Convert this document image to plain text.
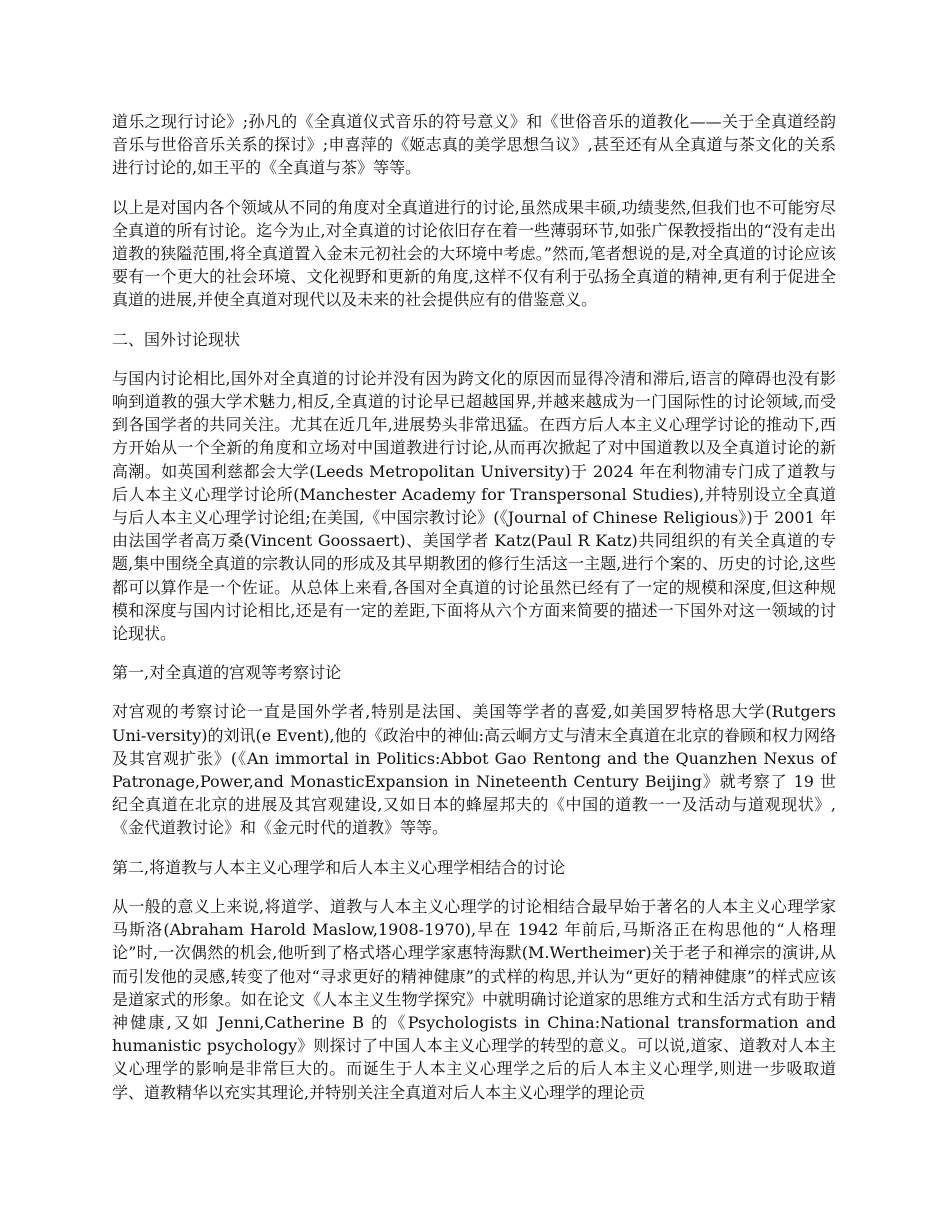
道乐之现行讨论》;孙凡的《全真道仪式音乐的符号意义》和《世俗音乐的道教化——关于全真道经韵音乐与世俗音乐关系的探讨》;申喜萍的《姬志真的美学思想刍议》,甚至还有从全真道与茶文化的关系进行讨论的,如王平的《全真道与茶》等等。

以上是对国内各个领域从不同的角度对全真道进行的讨论,虽然成果丰硕,功绩斐然,但我们也不可能穷尽全真道的所有讨论。迄今为止,对全真道的讨论依旧存在着一些薄弱环节,如张广保教授指出的“没有走出道教的狭隘范围,将全真道置入金末元初社会的大环境中考虑。”然而,笔者想说的是,对全真道的讨论应该要有一个更大的社会环境、文化视野和更新的角度,这样不仅有利于弘扬全真道的精神,更有利于促进全真道的进展,并使全真道对现代以及未来的社会提供应有的借鉴意义。

二、国外讨论现状

与国内讨论相比,国外对全真道的讨论并没有因为跨文化的原因而显得冷清和滞后,语言的障碍也没有影响到道教的强大学术魅力,相反,全真道的讨论早已超越国界,并越来越成为一门国际性的讨论领域,而受到各国学者的共同关注。尤其在近几年,进展势头非常迅猛。在西方后人本主义心理学讨论的推动下,西方开始从一个全新的角度和立场对中国道教进行讨论,从而再次掀起了对中国道教以及全真道讨论的新高潮。如英国利慈都会大学(Leeds Metropolitan University)于 2024 年在利物浦专门成了道教与后人本主义心理学讨论所(Manchester Academy for Transpersonal Studies),并特别设立全真道与后人本主义心理学讨论组;在美国,《中国宗教讨论》(《Journal of Chinese Religious》)于 2001 年由法国学者高万桑(Vincent Goossaert)、美国学者 Katz(Paul R Katz)共同组织的有关全真道的专题,集中围绕全真道的宗教认同的形成及其早期教团的修行生活这一主题,进行个案的、历史的讨论,这些都可以算作是一个佐证。从总体上来看,各国对全真道的讨论虽然已经有了一定的规模和深度,但这种规模和深度与国内讨论相比,还是有一定的差距,下面将从六个方面来简要的描述一下国外对这一领域的讨论现状。

第一,对全真道的宫观等考察讨论

对宫观的考察讨论一直是国外学者,特别是法国、美国等学者的喜爱,如美国罗特格思大学(Rutgers Uni-versity)的刘讯(e Event),他的《政治中的神仙:高云峒方丈与清末全真道在北京的眷顾和权力网络及其宫观扩张》(《An immortal in Politics:Abbot Gao Rentong and the Quanzhen Nexus of Patronage,Power,and MonasticExpansion in Nineteenth Century Beijing》就考察了 19 世纪全真道在北京的进展及其宫观建设,又如日本的蜂屋邦夫的《中国的道教一一及活动与道观现状》,《金代道教讨论》和《金元时代的道教》等等。

第二,将道教与人本主义心理学和后人本主义心理学相结合的讨论

从一般的意义上来说,将道学、道教与人本主义心理学的讨论相结合最早始于著名的人本主义心理学家马斯洛(Abraham Harold Maslow,1908-1970),早在 1942 年前后,马斯洛正在构思他的“人格理论”时,一次偶然的机会,他听到了格式塔心理学家惠特海默(M.Wertheimer)关于老子和禅宗的演讲,从而引发他的灵感,转变了他对“寻求更好的精神健康”的式样的构思,并认为“更好的精神健康”的样式应该是道家式的形象。如在论文《人本主义生物学探究》中就明确讨论道家的思维方式和生活方式有助于精神健康,又如 Jenni,Catherine B 的《Psychologists in China:National transformation and humanistic psychology》则探讨了中国人本主义心理学的转型的意义。可以说,道家、道教对人本主义心理学的影响是非常巨大的。而诞生于人本主义心理学之后的后人本主义心理学,则进一步吸取道学、道教精华以充实其理论,并特别关注全真道对后人本主义心理学的理论贡
